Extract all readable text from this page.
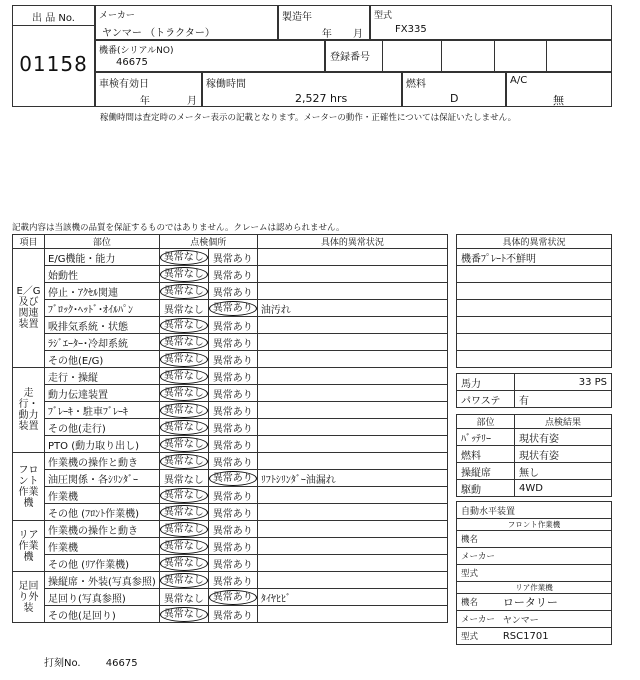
出 品 No.
01158
メーカー
ヤンマー （トラクター）
製造年
年 月
型式
FX335
機番(シリアルNO)
46675	登録番号
車検有効日
年 月
稼働時間
2,527 hrs
燃料
D
A/C
無
稼働時間は査定時のメーター表示の記載となります。メーターの動作・正確性については保証いたしません。
記載内容は当該機の品質を保証するものではありません。クレームは認められません。
項目	部位	点検個所		具体的異常状況
E／G及び関連装置	E/G機能・能力	異常なし	異常あり	
	始動性	異常なし	異常あり	
	停止・ｱｸｾﾙ関連	異常なし	異常あり	
	ﾌﾞﾛｯｸ･ﾍｯﾄﾞ･ｵｲﾙﾊﾟﾝ	異常なし	異常あり	油汚れ
	吸排気系統・状態	異常なし	異常あり	
	ﾗｼﾞｴｰﾀｰ･冷却系統	異常なし	異常あり	
	その他(E/G)	異常なし	異常あり	
走行・動力装置	走行・操縦	異常なし	異常あり	
	動力伝達装置	異常なし	異常あり	
	ﾌﾞﾚｰｷ・駐車ﾌﾞﾚｰｷ	異常なし	異常あり	
	その他(走行)	異常なし	異常あり	
	PTO (動力取り出し)	異常なし	異常あり	
フロント作業機	作業機の操作と動き	異常なし	異常あり	
	油圧関係・各ｼﾘﾝﾀﾞｰ	異常なし	異常あり	ﾘﾌﾄｼﾘﾝﾀﾞｰ油漏れ
	作業機	異常なし	異常あり	
	その他 (ﾌﾛﾝﾄ作業機)	異常なし	異常あり	
リア作業機	作業機の操作と動き	異常なし	異常あり	
	作業機	異常なし	異常あり	
	その他 (ﾘｱ作業機)	異常なし	異常あり	
足回り外装	操縦席・外装(写真参照)	異常なし	異常あり	
	足回り(写真参照)	異常なし	異常あり	ﾀｲﾔﾋﾋﾞ
	その他(足回り)	異常なし	異常あり	
具体的異常状況
機番ﾌﾟﾚｰﾄ不鮮明

馬力	33 PS
パワステ	有
部位	点検結果
ﾊﾞｯﾃﾘｰ	現状有姿
燃料	現状有姿
操縦席	無し
駆動	4WD
自動水平装置	
フロント作業機	
機名	
メーカー	
型式	
リア作業機	
機名	ロータリー
メーカー	ヤンマー
型式	RSC1701
打刻No.	46675
